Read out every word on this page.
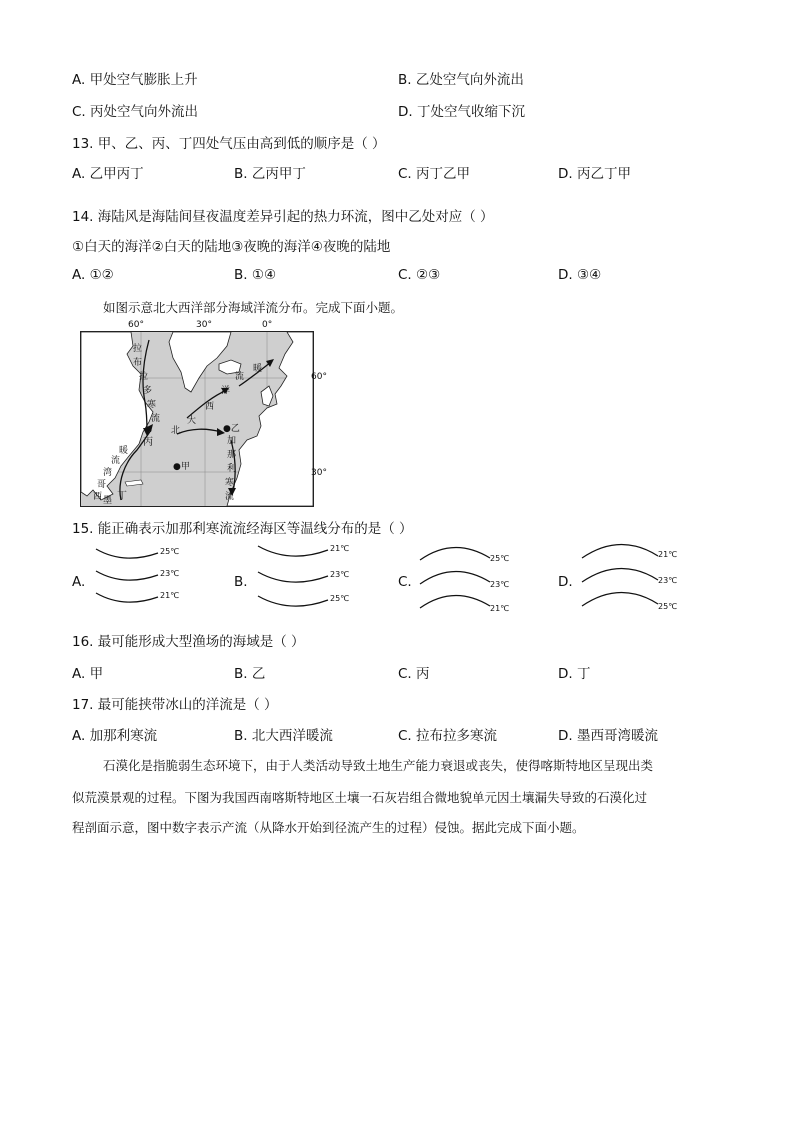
A. 甲处空气膨胀上升	B. 乙处空气向外流出
C. 丙处空气向外流出	D. 丁处空气收缩下沉
13. 甲、乙、丙、丁四处气压由高到低的顺序是（ ）
A. 乙甲丙丁	B. 乙丙甲丁	C. 丙丁乙甲	D. 丙乙丁甲
14. 海陆风是海陆间昼夜温度差异引起的热力环流，图中乙处对应（ ）
①白天的海洋②白天的陆地③夜晚的海洋④夜晚的陆地
A. ①②	B. ①④	C. ②③	D. ③④
如图示意北大西洋部分海域洋流分布。完成下面小题。
60°	30°	0°
拉
布
拉
多
寒
流
暖
流
湾
哥
西 墨
暖
流
洋
西
大
北
加
那
利
寒
流
●甲
●乙
丙
丁
60°
30°
15. 能正确表示加那利寒流流经海区等温线分布的是（ ）
A.
25℃
23℃
21℃
B.
21℃
23℃
25℃
C.
25℃
23℃
21℃
D.
21℃
23℃
25℃
16. 最可能形成大型渔场的海域是（ ）
A. 甲	B. 乙	C. 丙	D. 丁
17. 最可能挟带冰山的洋流是（ ）
A. 加那利寒流	B. 北大西洋暖流	C. 拉布拉多寒流	D. 墨西哥湾暖流
石漠化是指脆弱生态环境下，由于人类活动导致土地生产能力衰退或丧失，使得喀斯特地区呈现出类
似荒漠景观的过程。下图为我国西南喀斯特地区土壤一石灰岩组合微地貌单元因土壤漏失导致的石漠化过
程剖面示意，图中数字表示产流（从降水开始到径流产生的过程）侵蚀。据此完成下面小题。
